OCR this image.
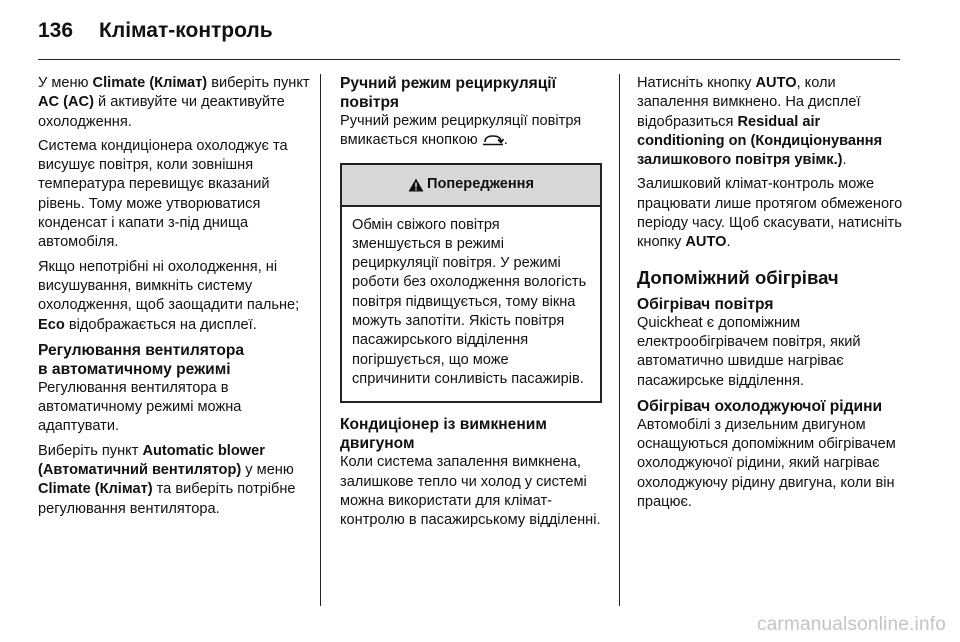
136 Клімат-контроль

У меню Climate (Клімат) виберіть пункт AC (AC) й активуйте чи деактивуйте охолодження.

Система кондиціонера охолоджує та висушує повітря, коли зовнішня температура перевищує вказаний рівень. Тому може утворюватися конденсат і капати з-під днища автомобіля.

Якщо непотрібні ні охолодження, ні висушування, вимкніть систему охолодження, щоб заощадити пальне; Eco відображається на дисплеї.

Регулювання вентилятора
в автоматичному режимі

Регулювання вентилятора в автоматичному режимі можна адаптувати.

Виберіть пункт Automatic blower (Автоматичний вентилятор) у меню Climate (Клімат) та виберіть потрібне регулювання вентилятора.

Ручний режим рециркуляції повітря

Ручний режим рециркуляції повітря вмикається кнопкою .

Попередження
Обмін свіжого повітря зменшується в режимі рециркуляції повітря. У режимі роботи без охолодження вологість повітря підвищується, тому вікна можуть запотіти. Якість повітря пасажирського відділення погіршується, що може спричинити сонливість пасажирів.
Кондиціонер із вимкненим двигуном

Коли система запалення вимкнена, залишкове тепло чи холод у системі можна використати для клімат-контролю в пасажирському відділенні.

Натисніть кнопку AUTO, коли запалення вимкнено. На дисплеї відобразиться Residual air conditioning on (Кондиціонування залишкового повітря увімк.).

Залишковий клімат-контроль може працювати лише протягом обмеженого періоду часу. Щоб скасувати, натисніть кнопку AUTO.

Допоміжний обігрівач
Обігрівач повітря

Quickheat є допоміжним електрообігрівачем повітря, який автоматично швидше нагріває пасажирське відділення.

Обігрівач охолоджуючої рідини

Автомобілі з дизельним двигуном оснащуються допоміжним обігрівачем охолоджуючої рідини, який нагріває охолоджуючу рідину двигуна, коли він працює.

carmanualsonline.info
